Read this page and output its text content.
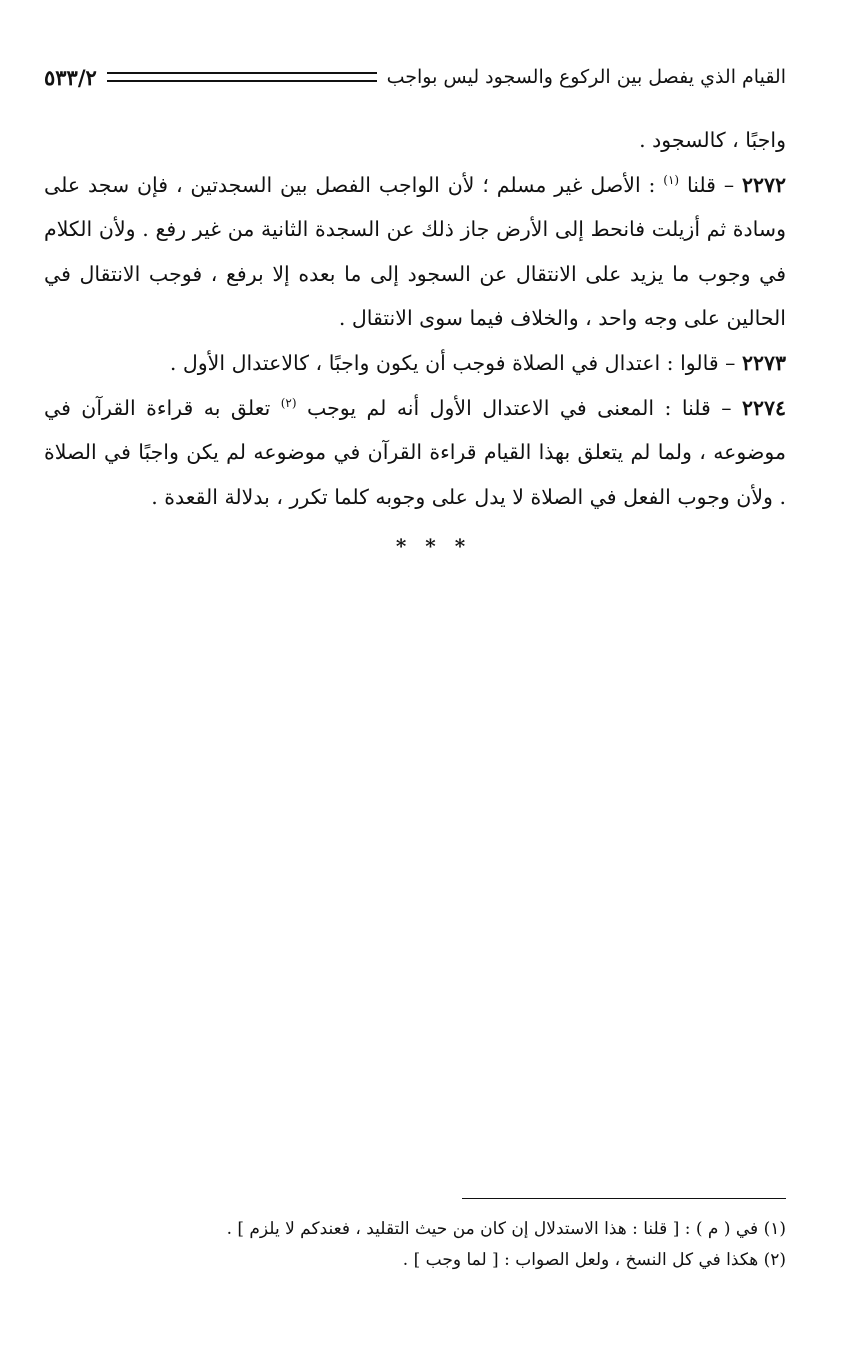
القيام الذي يفصل بين الركوع والسجود ليس بواجب
٥٣٣/٢

واجبًا ، كالسجود .

٢٢٧٢ – قلنا $^{(١)}$ : الأصل غير مسلم ؛ لأن الواجب الفصل بين السجدتين ، فإن سجد على وسادة ثم أزيلت فانحط إلى الأرض جاز ذلك عن السجدة الثانية من غير رفع . ولأن الكلام في وجوب ما يزيد على الانتقال عن السجود إلى ما بعده إلا برفع ، فوجب الانتقال في الحالين على وجه واحد ، والخلاف فيما سوى الانتقال .

٢٢٧٣ – قالوا : اعتدال في الصلاة فوجب أن يكون واجبًا ، كالاعتدال الأول .

٢٢٧٤ – قلنا : المعنى في الاعتدال الأول أنه لم يوجب $^{(٢)}$ تعلق به قراءة القرآن في موضوعه ، ولما لم يتعلق بهذا القيام قراءة القرآن في موضوعه لم يكن واجبًا في الصلاة . ولأن وجوب الفعل في الصلاة لا يدل على وجوبه كلما تكرر ، بدلالة القعدة .

* * *

(١) في ( م ) : [ قلنا : هذا الاستدلال إن كان من حيث التقليد ، فعندكم لا يلزم ] .

(٢) هكذا في كل النسخ ، ولعل الصواب : [ لما وجب ] .
